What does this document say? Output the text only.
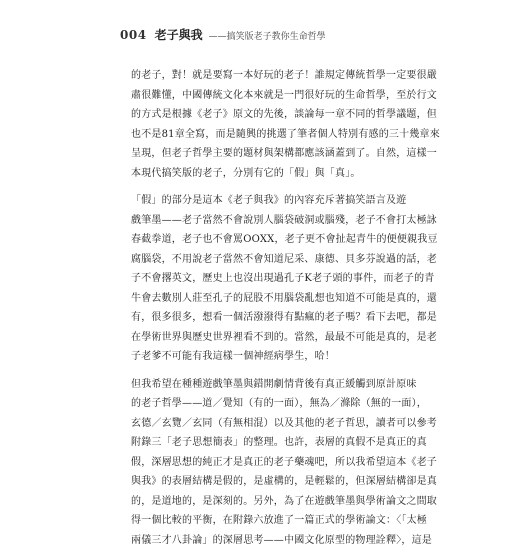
004 老子與我 ——搞笑版老子教你生命哲學
的老子，對！就是要寫一本好玩的老子！誰規定傳統哲學一定要很嚴
肅很難懂，中國傳統文化本來就是一門很好玩的生命哲學，至於行文
的方式是根據《老子》原文的先後，談論每一章不同的哲學議題，但
也不是81章全寫，而是隨興的挑選了筆者個人特別有感的三十幾章來
呈現，但老子哲學主要的題材與架構都應該涵蓋到了。自然，這樣一
本現代搞笑版的老子，分別有它的「假」與「真」。
「假」的部分是這本《老子與我》的內容充斥著搞笑語言及遊
戲筆墨——老子當然不會說別人腦袋破洞或腦殘，老子不會打太極詠
春截拳道，老子也不會罵OOXX，老子更不會扯起青牛的便便親我豆
腐腦袋，不用說老子當然不會知道尼采、康德、貝多芬說過的話，老
子不會撂英文，歷史上也沒出現過孔子K老子頭的事件，而老子的青
牛會去數別人莊至孔子的屁股不用腦袋亂想也知道不可能是真的，還
有，很多很多，想看一個活潑潑得有點瘋的老子嗎？看下去吧，都是
在學術世界與歷史世界裡看不到的。當然，最最不可能是真的，是老
子老爹不可能有我這樣一個神經病學生，哈！
但我希望在種種遊戲筆墨與錯開劇情背後有真正緩觸到原計原味
的老子哲學——道／覺知（有的一面），無為／滌除（無的一面），
玄德／玄覽／玄同（有無相混）以及其他的老子哲思，讀者可以參考
附錄三「老子思想簡表」的整理。也許，表層的真假不是真正的真
假，深層思想的純正才是真正的老子藥魂吧，所以我希望這本《老子
與我》的表層結構是假的，是虛構的，是輕鬆的，但深層結構卻是真
的，是道地的，是深刻的。另外，為了在遊戲筆墨與學術論文之間取
得一個比較的平衡，在附錄六放進了一篇正式的學術論文：〈「太極
兩儀三才八卦論」的深層思考——中國文化原型的物理詮釋〉，這是
